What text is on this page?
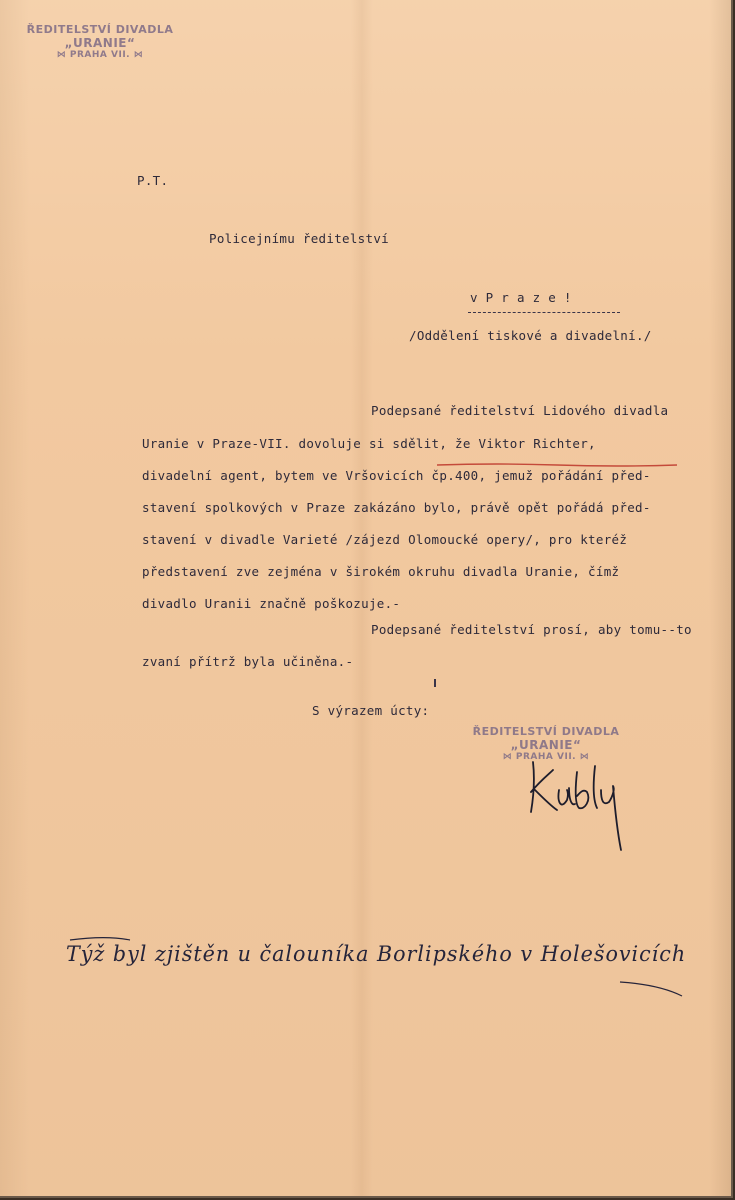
ŘEDITELSTVÍ DIVADLA
„URANIE“
⋈ PRAHA VII. ⋈
P.T.
Policejnímu ředitelství
v P r a z e !
/Oddělení tiskové a divadelní./
Podepsané ředitelství Lidového divadla
Uranie v Praze-VII. dovoluje si sdělit, že Viktor Richter,
divadelní agent, bytem ve Vršovicích čp.400, jemuž pořádání před-
stavení spolkových v Praze zakázáno bylo, právě opět pořádá před-
stavení v divadle Varieté /zájezd Olomoucké opery/, pro kteréž
představení zve zejména v širokém okruhu divadla Uranie, čímž
divadlo Uranii značně poškozuje.-
Podepsané ředitelství prosí, aby tomu--to
zvaní přítrž byla učiněna.-
S výrazem úcty:
ŘEDITELSTVÍ DIVADLA
„URANIE“
⋈ PRAHA VII. ⋈
Týž byl zjištěn u čalouníka Borlipského v Holešovicích
